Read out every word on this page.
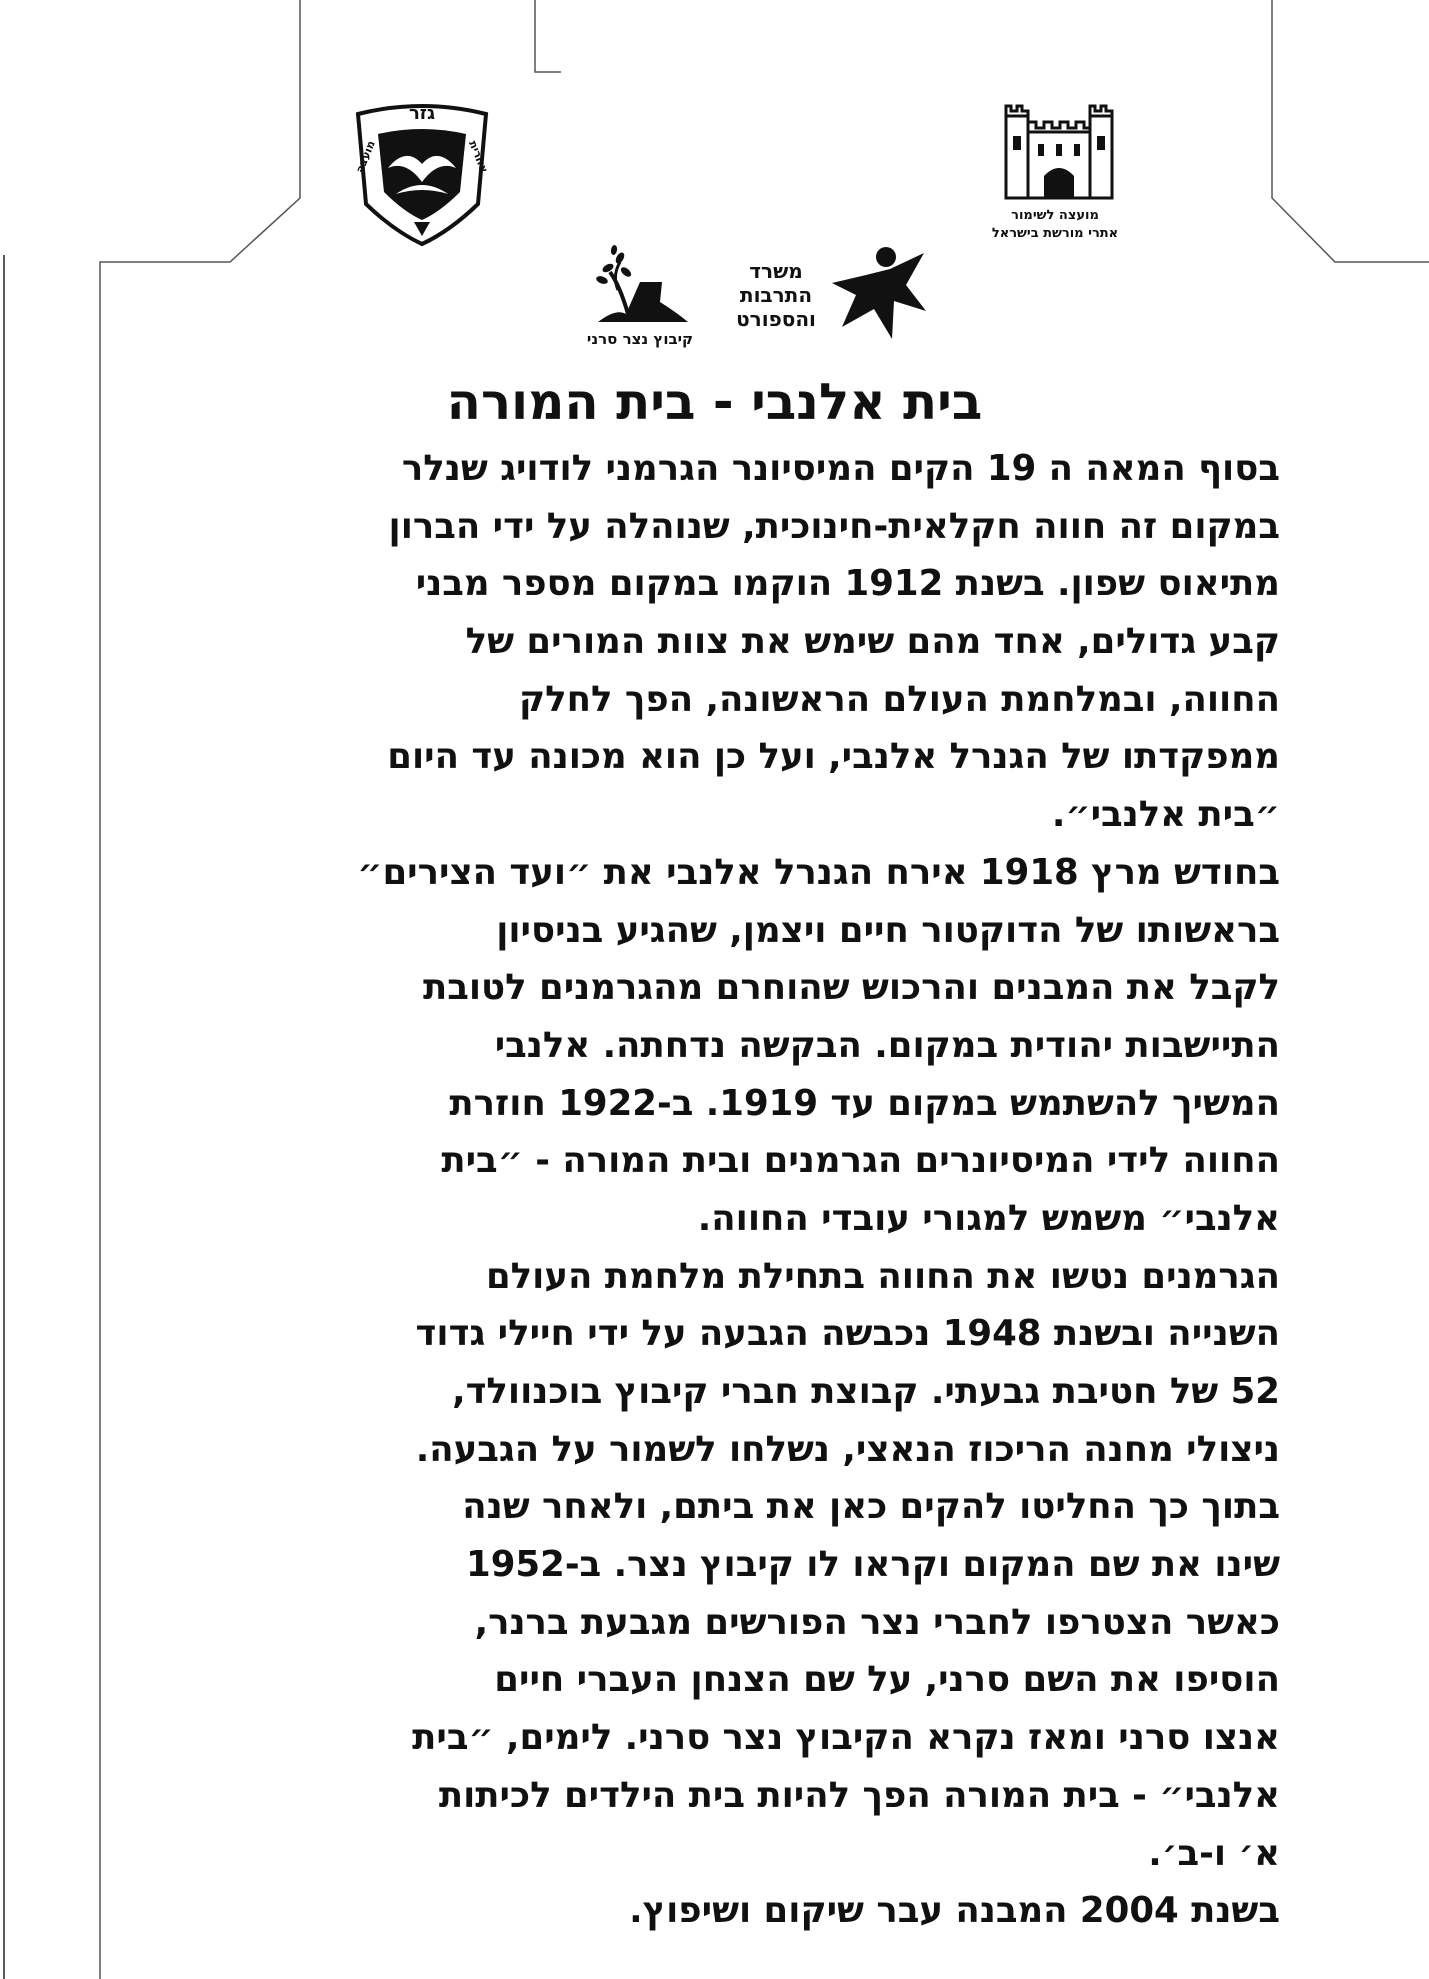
גזר
מועצה	אזורית
מועצה לשימור
אתרי מורשת בישראל
קיבוץ נצר סרני
משרד
התרבות
והספורט
בית אלנבי - בית המורה
בסוף המאה ה 19 הקים המיסיונר הגרמני לודויג שנלר
במקום זה חווה חקלאית-חינוכית, שנוהלה על ידי הברון
מתיאוס שפון. בשנת 1912 הוקמו במקום מספר מבני
קבע גדולים, אחד מהם שימש את צוות המורים של
החווה, ובמלחמת העולם הראשונה, הפך לחלק
ממפקדתו של הגנרל אלנבי, ועל כן הוא מכונה עד היום
״בית אלנבי״.
בחודש מרץ 1918 אירח הגנרל אלנבי את ״ועד הצירים״
בראשותו של הדוקטור חיים ויצמן, שהגיע בניסיון
לקבל את המבנים והרכוש שהוחרם מהגרמנים לטובת
התיישבות יהודית במקום. הבקשה נדחתה. אלנבי
המשיך להשתמש במקום עד 1919. ב-1922 חוזרת
החווה לידי המיסיונרים הגרמנים ובית המורה - ״בית
אלנבי״ משמש למגורי עובדי החווה.
הגרמנים נטשו את החווה בתחילת מלחמת העולם
השנייה ובשנת 1948 נכבשה הגבעה על ידי חיילי גדוד
52 של חטיבת גבעתי. קבוצת חברי קיבוץ בוכנוולד,
ניצולי מחנה הריכוז הנאצי, נשלחו לשמור על הגבעה.
בתוך כך החליטו להקים כאן את ביתם, ולאחר שנה
שינו את שם המקום וקראו לו קיבוץ נצר. ב-1952
כאשר הצטרפו לחברי נצר הפורשים מגבעת ברנר,
הוסיפו את השם סרני, על שם הצנחן העברי חיים
אנצו סרני ומאז נקרא הקיבוץ נצר סרני. לימים, ״בית
אלנבי״ - בית המורה הפך להיות בית הילדים לכיתות
א׳ ו-ב׳.
בשנת 2004 המבנה עבר שיקום ושיפוץ.
